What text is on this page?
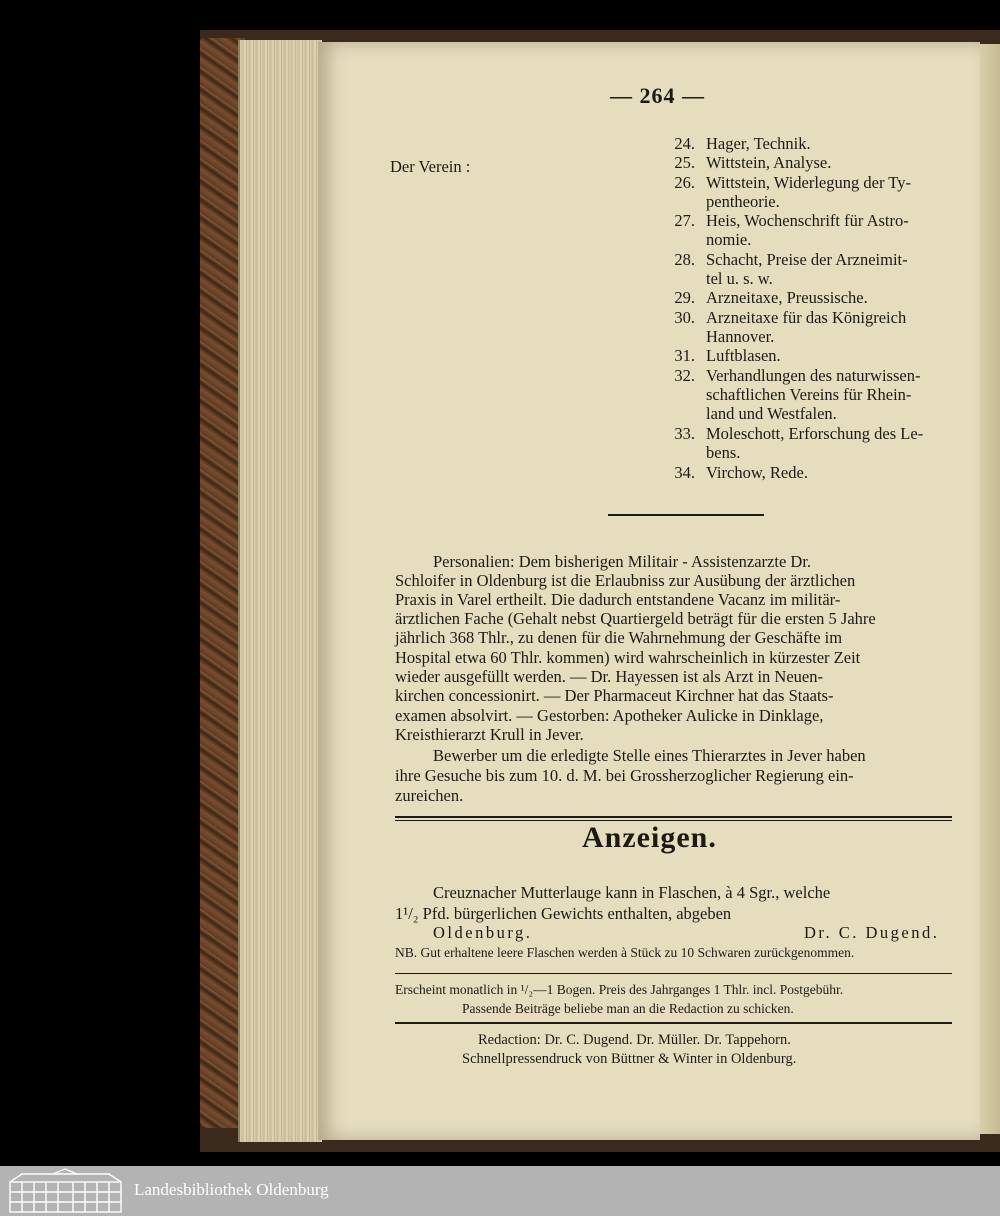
— 264 —
Der Verein :
24. Hager, Technik.
25. Wittstein, Analyse.
26. Wittstein, Widerlegung der Ty-
pentheorie.
27. Heis, Wochenschrift für Astro-
nomie.
28. Schacht, Preise der Arzneimit-
tel u. s. w.
29. Arzneitaxe, Preussische.
30. Arzneitaxe für das Königreich
Hannover.
31. Luftblasen.
32. Verhandlungen des naturwissen-
schaftlichen Vereins für Rhein-
land und Westfalen.
33. Moleschott, Erforschung des Le-
bens.
34. Virchow, Rede.
Personalien: Dem bisherigen Militair - Assistenzarzte Dr.
Schloifer in Oldenburg ist die Erlaubniss zur Ausübung der ärztlichen
Praxis in Varel ertheilt. Die dadurch entstandene Vacanz im militär-
ärztlichen Fache (Gehalt nebst Quartiergeld beträgt für die ersten 5 Jahre
jährlich 368 Thlr., zu denen für die Wahrnehmung der Geschäfte im
Hospital etwa 60 Thlr. kommen) wird wahrscheinlich in kürzester Zeit
wieder ausgefüllt werden. — Dr. Hayessen ist als Arzt in Neuen-
kirchen concessionirt. — Der Pharmaceut Kirchner hat das Staats-
examen absolvirt. — Gestorben: Apotheker Aulicke in Dinklage,
Kreisthierarzt Krull in Jever.
Bewerber um die erledigte Stelle eines Thierarztes in Jever haben
ihre Gesuche bis zum 10. d. M. bei Grossherzoglicher Regierung ein-
zureichen.
Anzeigen.
Creuznacher Mutterlauge kann in Flaschen, à 4 Sgr., welche
1¹/₂ Pfd. bürgerlichen Gewichts enthalten, abgeben
Oldenburg.	Dr. C. Dugend.
NB. Gut erhaltene leere Flaschen werden à Stück zu 10 Schwaren zurückgenommen.
Erscheint monatlich in ¹/₂—1 Bogen. Preis des Jahrganges 1 Thlr. incl. Postgebühr.
Passende Beiträge beliebe man an die Redaction zu schicken.
Redaction: Dr. C. Dugend. Dr. Müller. Dr. Tappehorn.
Schnellpressendruck von Büttner & Winter in Oldenburg.
Landesbibliothek Oldenburg
